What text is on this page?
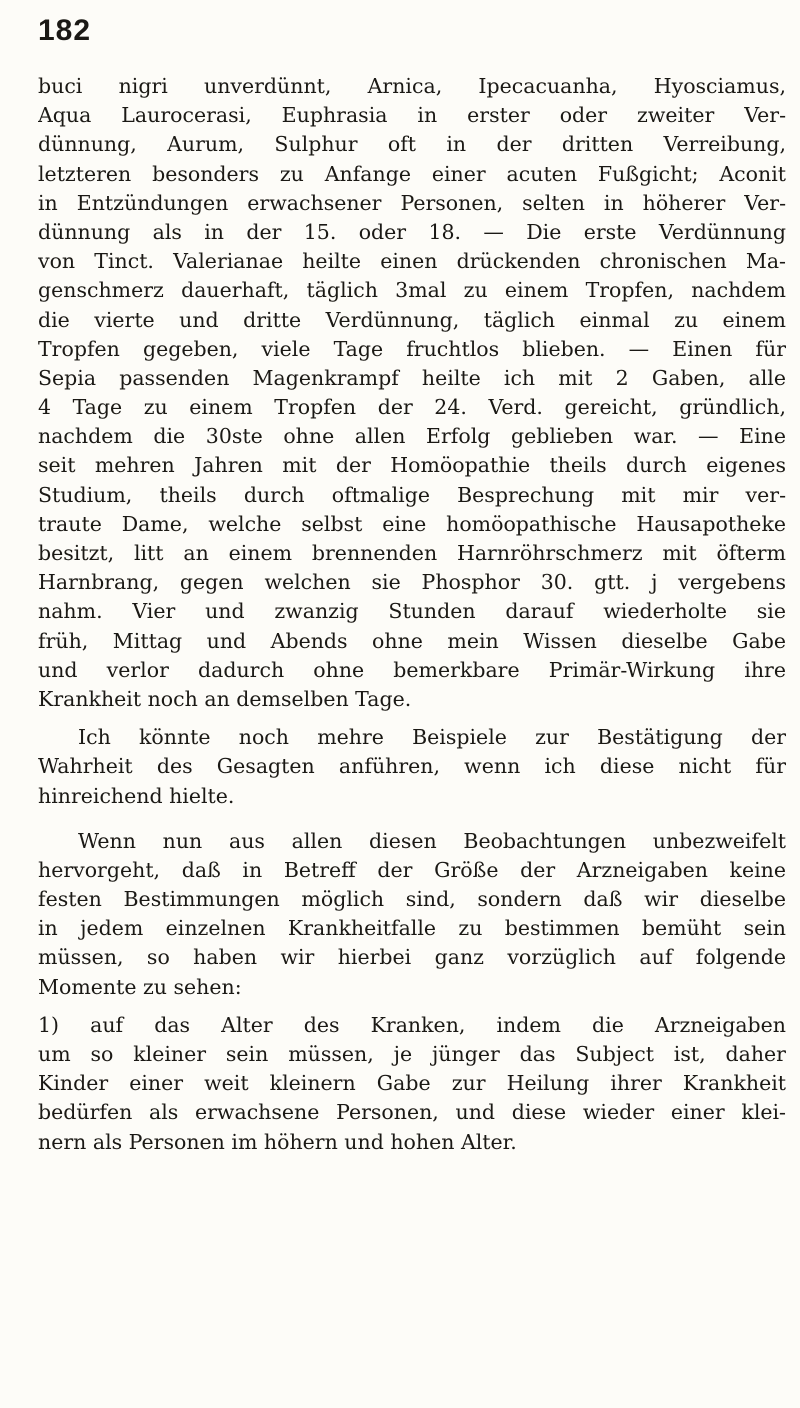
182
buci nigri unverdünnt, Arnica, Ipecacuanha, Hyosciamus,
Aqua Laurocerasi, Euphrasia in erster oder zweiter Ver-
dünnung, Aurum, Sulphur oft in der dritten Verreibung,
letzteren besonders zu Anfange einer acuten Fußgicht; Aconit
in Entzündungen erwachsener Personen, selten in höherer Ver-
dünnung als in der 15. oder 18. — Die erste Verdünnung
von Tinct. Valerianae heilte einen drückenden chronischen Ma-
genschmerz dauerhaft, täglich 3mal zu einem Tropfen, nachdem
die vierte und dritte Verdünnung, täglich einmal zu einem
Tropfen gegeben, viele Tage fruchtlos blieben. — Einen für
Sepia passenden Magenkrampf heilte ich mit 2 Gaben, alle
4 Tage zu einem Tropfen der 24. Verd. gereicht, gründlich,
nachdem die 30ste ohne allen Erfolg geblieben war. — Eine
seit mehren Jahren mit der Homöopathie theils durch eigenes
Studium, theils durch oftmalige Besprechung mit mir ver-
traute Dame, welche selbst eine homöopathische Hausapotheke
besitzt, litt an einem brennenden Harnröhrschmerz mit öfterm
Harnbrang, gegen welchen sie Phosphor 30. gtt. j vergebens
nahm. Vier und zwanzig Stunden darauf wiederholte sie
früh, Mittag und Abends ohne mein Wissen dieselbe Gabe
und verlor dadurch ohne bemerkbare Primär-Wirkung ihre
Krankheit noch an demselben Tage.
Ich könnte noch mehre Beispiele zur Bestätigung der
Wahrheit des Gesagten anführen, wenn ich diese nicht für
hinreichend hielte.
Wenn nun aus allen diesen Beobachtungen unbezweifelt
hervorgeht, daß in Betreff der Größe der Arzneigaben keine
festen Bestimmungen möglich sind, sondern daß wir dieselbe
in jedem einzelnen Krankheitfalle zu bestimmen bemüht sein
müssen, so haben wir hierbei ganz vorzüglich auf folgende
Momente zu sehen:
1) auf das Alter des Kranken, indem die Arzneigaben
um so kleiner sein müssen, je jünger das Subject ist, daher
Kinder einer weit kleinern Gabe zur Heilung ihrer Krankheit
bedürfen als erwachsene Personen, und diese wieder einer klei-
nern als Personen im höhern und hohen Alter.
